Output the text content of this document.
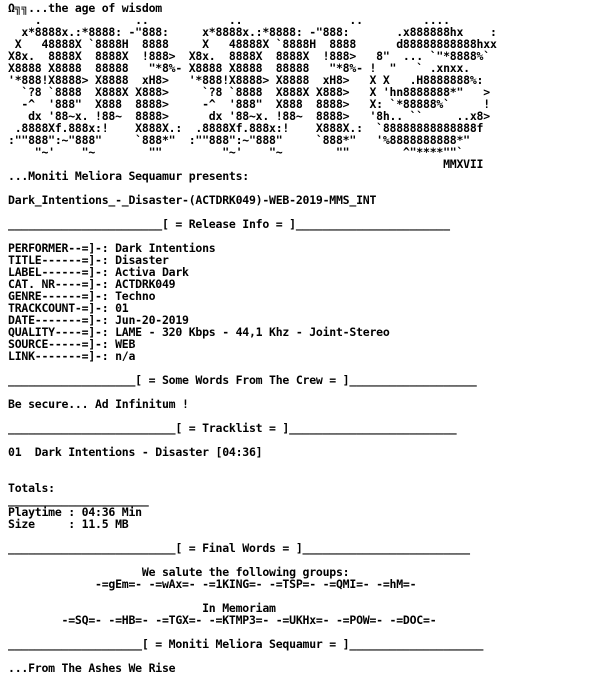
Ω╗╗...the age of wisdom
.              ..            ..                ..         ....
x*8888x.:*8888: -"888:     x*8888x.:*8888: -"888:       .x888888hx    :
X   48888X `8888H  8888     X   48888X `8888H  8888      d88888888888hxx
X8x.  8888X  8888X  !888>  X8x.  8888X  8888X  !888>   8"  ... `"*8888%`
X8888 X8888  88888   "*8%- X8888 X8888  88888   "*8%- !  "   ` .xnxx.
'*888!X8888> X8888  xH8>   '*888!X8888> X8888  xH8>   X X   .H8888888%:
`?8 `8888  X888X X888>     `?8 `8888  X888X X888>   X 'hn8888888*"   >
-^  '888"  X888  8888>     -^  '888"  X888  8888>   X: `*88888%`     !
dx '88~x. !88~  8888>      dx '88~x. !88~  8888>   '8h.. ``     ..x8>
.8888Xf.888x:!    X888X.:  .8888Xf.888x:!    X888X.:  `88888888888888f
:""888":~"888"     `888*"  :""888":~"888"     `888*"   '%8888888888*"
"~'    "~        ""         "~'    "~        ""        ^"****""`
MMXVII
...Moniti Meliora Sequamur presents:

Dark_Intentions_-_Disaster-(ACTDRK049)-WEB-2019-MMS_INT

_______________________[ = Release Info = ]_______________________

PERFORMER--=]-: Dark Intentions
TITLE------=]-: Disaster
LABEL------=]-: Activa Dark
CAT. NR----=]-: ACTDRK049
GENRE------=]-: Techno
TRACKCOUNT-=]-: 01
DATE-------=]-: Jun-20-2019
QUALITY----=]-: LAME - 320 Kbps - 44,1 Khz - Joint-Stereo
SOURCE-----=]-: WEB
LINK-------=]-: n/a

___________________[ = Some Words From The Crew = ]___________________

Be secure... Ad Infinitum !

_________________________[ = Tracklist = ]_________________________

01  Dark Intentions - Disaster [04:36]

Totals:
_____________________
Playtime : 04:36 Min
Size     : 11.5 MB

_________________________[ = Final Words = ]_________________________

We salute the following groups:
-=gEm=- -=wAx=- -=1KING=- -=TSP=- -=QMI=- -=hM=-

In Memoriam
-=SQ=- -=HB=- -=TGX=- -=KTMP3=- -=UKHx=- -=POW=- -=DOC=-

____________________[ = Moniti Meliora Sequamur = ]____________________

...From The Ashes We Rise
